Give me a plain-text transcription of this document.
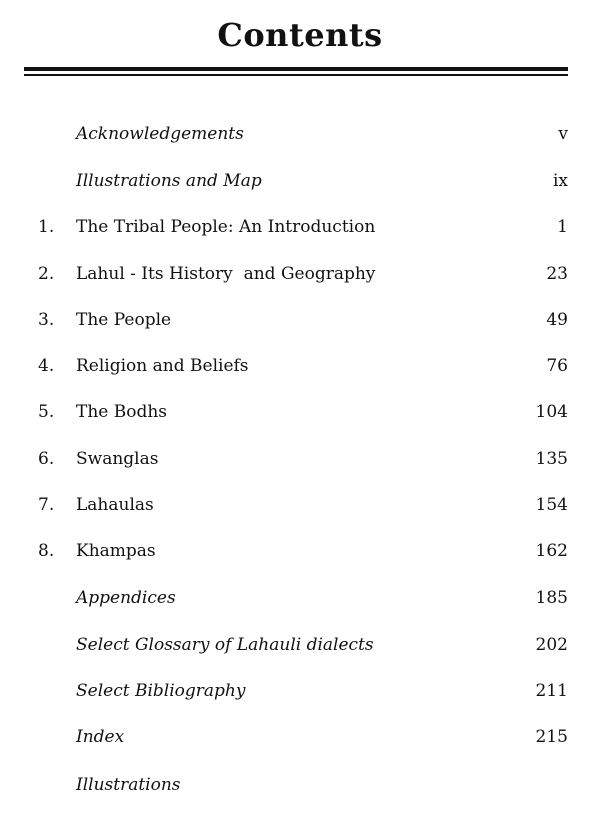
Contents
Acknowledgements	v
Illustrations and Map	ix
1. The Tribal People: An Introduction	1
2. Lahul - Its History  and Geography	23
3. The People	49
4. Religion and Beliefs	76
5. The Bodhs	104
6. Swanglas	135
7. Lahaulas	154
8. Khampas	162
Appendices	185
Select Glossary of Lahauli dialects	202
Select Bibliography	211
Index	215
Illustrations
